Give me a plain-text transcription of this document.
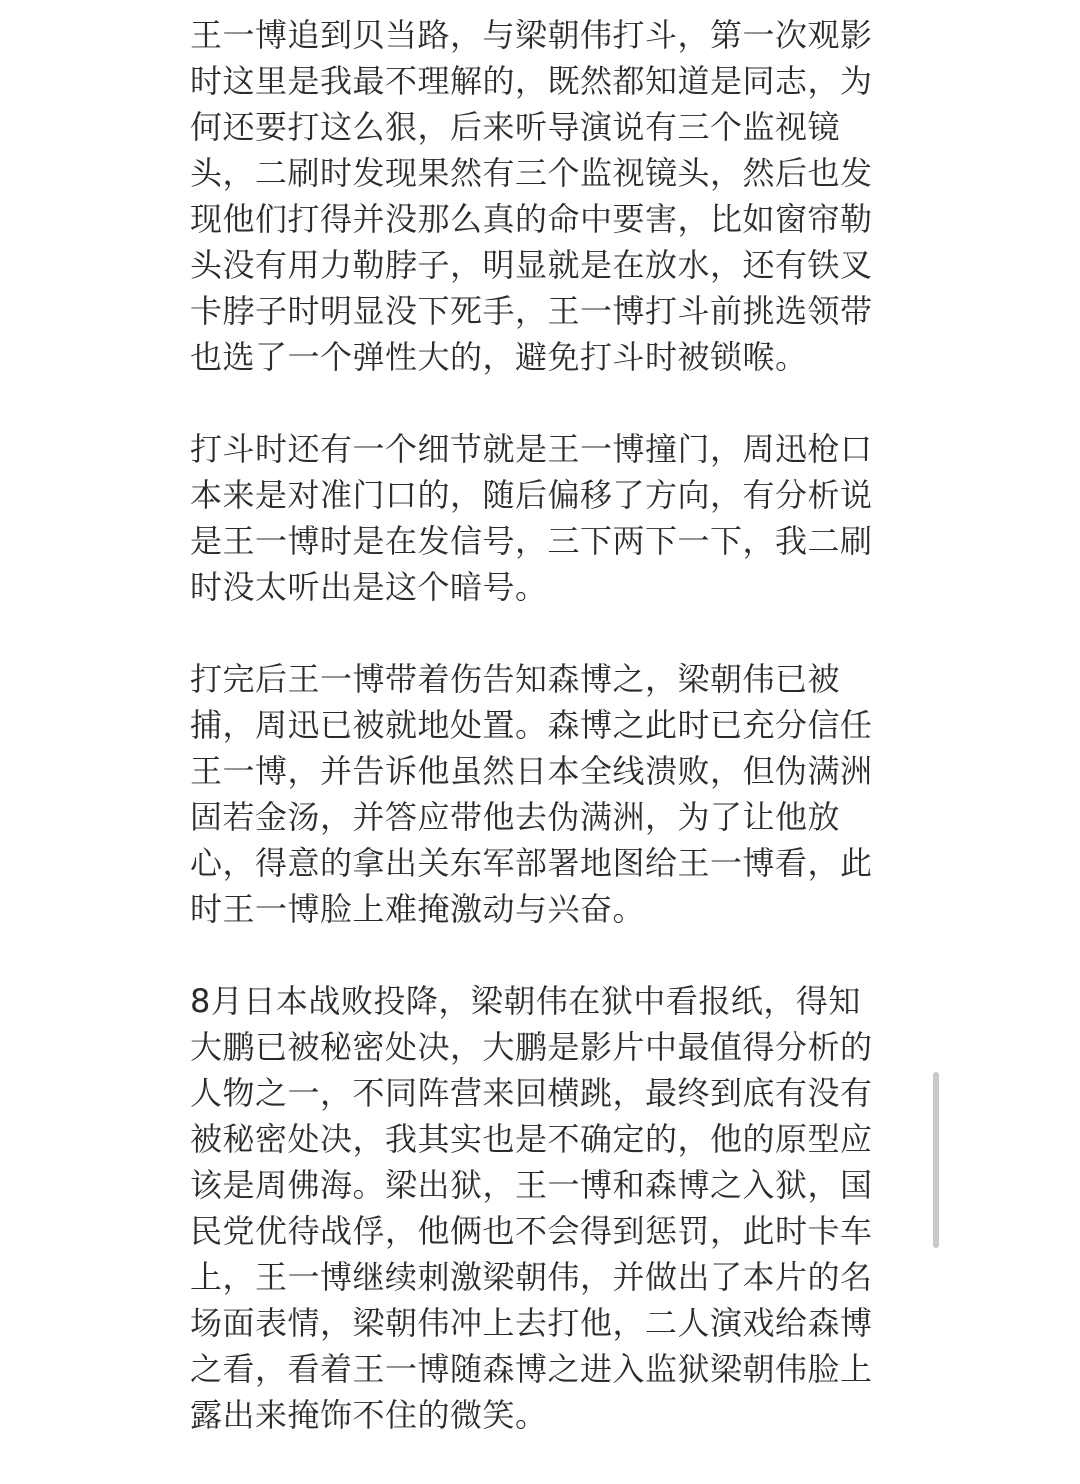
王一博追到贝当路，与梁朝伟打斗，第一次观影
时这里是我最不理解的，既然都知道是同志，为
何还要打这么狠，后来听导演说有三个监视镜
头，二刷时发现果然有三个监视镜头，然后也发
现他们打得并没那么真的命中要害，比如窗帘勒
头没有用力勒脖子，明显就是在放水，还有铁叉
卡脖子时明显没下死手，王一博打斗前挑选领带
也选了一个弹性大的，避免打斗时被锁喉。
打斗时还有一个细节就是王一博撞门，周迅枪口
本来是对准门口的，随后偏移了方向，有分析说
是王一博时是在发信号，三下两下一下，我二刷
时没太听出是这个暗号。
打完后王一博带着伤告知森博之，梁朝伟已被
捕，周迅已被就地处置。森博之此时已充分信任
王一博，并告诉他虽然日本全线溃败，但伪满洲
固若金汤，并答应带他去伪满洲，为了让他放
心，得意的拿出关东军部署地图给王一博看，此
时王一博脸上难掩激动与兴奋。
8月日本战败投降，梁朝伟在狱中看报纸，得知
大鹏已被秘密处决，大鹏是影片中最值得分析的
人物之一，不同阵营来回横跳，最终到底有没有
被秘密处决，我其实也是不确定的，他的原型应
该是周佛海。梁出狱，王一博和森博之入狱，国
民党优待战俘，他俩也不会得到惩罚，此时卡车
上，王一博继续刺激梁朝伟，并做出了本片的名
场面表情，梁朝伟冲上去打他，二人演戏给森博
之看，看着王一博随森博之进入监狱梁朝伟脸上
露出来掩饰不住的微笑。
